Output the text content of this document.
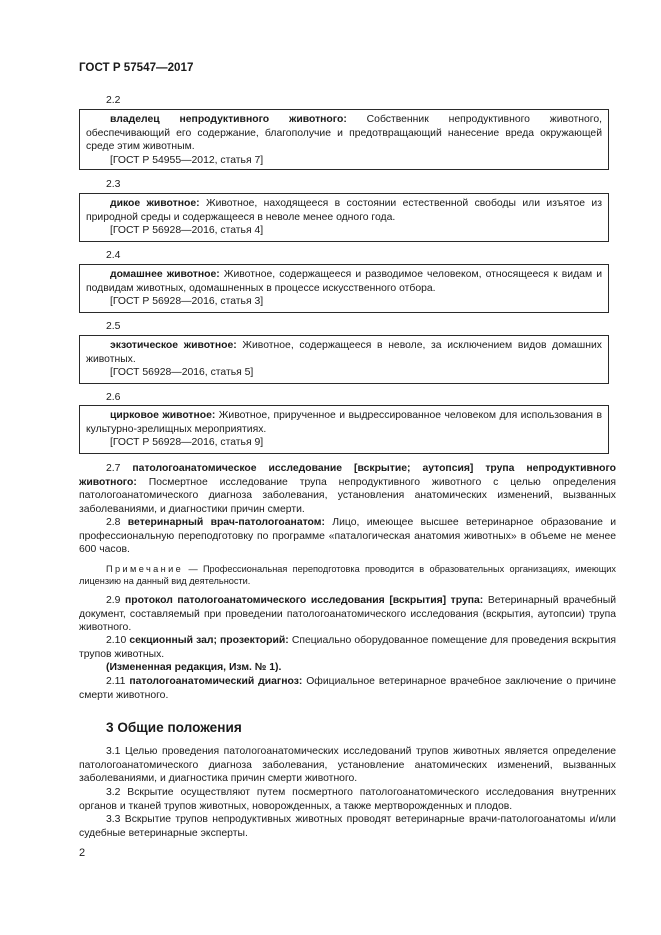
ГОСТ Р 57547—2017
2.2

владелец непродуктивного животного: Собственник непродуктивного животного, обеспечивающий его содержание, благополучие и предотвращающий нанесение вреда окружающей среде этим животным.

[ГОСТ Р 54955—2012, статья 7]

2.3

дикое животное: Животное, находящееся в состоянии естественной свободы или изъятое из природной среды и содержащееся в неволе менее одного года.

[ГОСТ Р 56928—2016, статья 4]

2.4

домашнее животное: Животное, содержащееся и разводимое человеком, относящееся к видам и подвидам животных, одомашненных в процессе искусственного отбора.

[ГОСТ Р 56928—2016, статья 3]

2.5

экзотическое животное: Животное, содержащееся в неволе, за исключением видов домашних животных.

[ГОСТ 56928—2016, статья 5]

2.6

цирковое животное: Животное, прирученное и выдрессированное человеком для использования в культурно-зрелищных мероприятиях.

[ГОСТ Р 56928—2016, статья 9]

2.7 патологоанатомическое исследование [вскрытие; аутопсия] трупа непродуктивного животного: Посмертное исследование трупа непродуктивного животного с целью определения патологоанатомического диагноза заболевания, установления анатомических изменений, вызванных заболеваниями, и диагностики причин смерти.

2.8 ветеринарный врач-патологоанатом: Лицо, имеющее высшее ветеринарное образование и профессиональную переподготовку по программе «паталогическая анатомия животных» в объеме не менее 600 часов.

Примечание — Профессиональная переподготовка проводится в образовательных организациях, имеющих лицензию на данный вид деятельности.

2.9 протокол патологоанатомического исследования [вскрытия] трупа: Ветеринарный врачебный документ, составляемый при проведении патологоанатомического исследования (вскрытия, аутопсии) трупа животного.

2.10 секционный зал; прозекторий: Специально оборудованное помещение для проведения вскрытия трупов животных.

(Измененная редакция, Изм. № 1).

2.11 патологоанатомический диагноз: Официальное ветеринарное врачебное заключение о причине смерти животного.

3 Общие положения

3.1 Целью проведения патологоанатомических исследований трупов животных является определение патологоанатомического диагноза заболевания, установление анатомических изменений, вызванных заболеваниями, и диагностика причин смерти животного.

3.2 Вскрытие осуществляют путем посмертного патологоанатомического исследования внутренних органов и тканей трупов животных, новорожденных, а также мертворожденных и плодов.

3.3 Вскрытие трупов непродуктивных животных проводят ветеринарные врачи-патологоанатомы и/или судебные ветеринарные эксперты.

2
